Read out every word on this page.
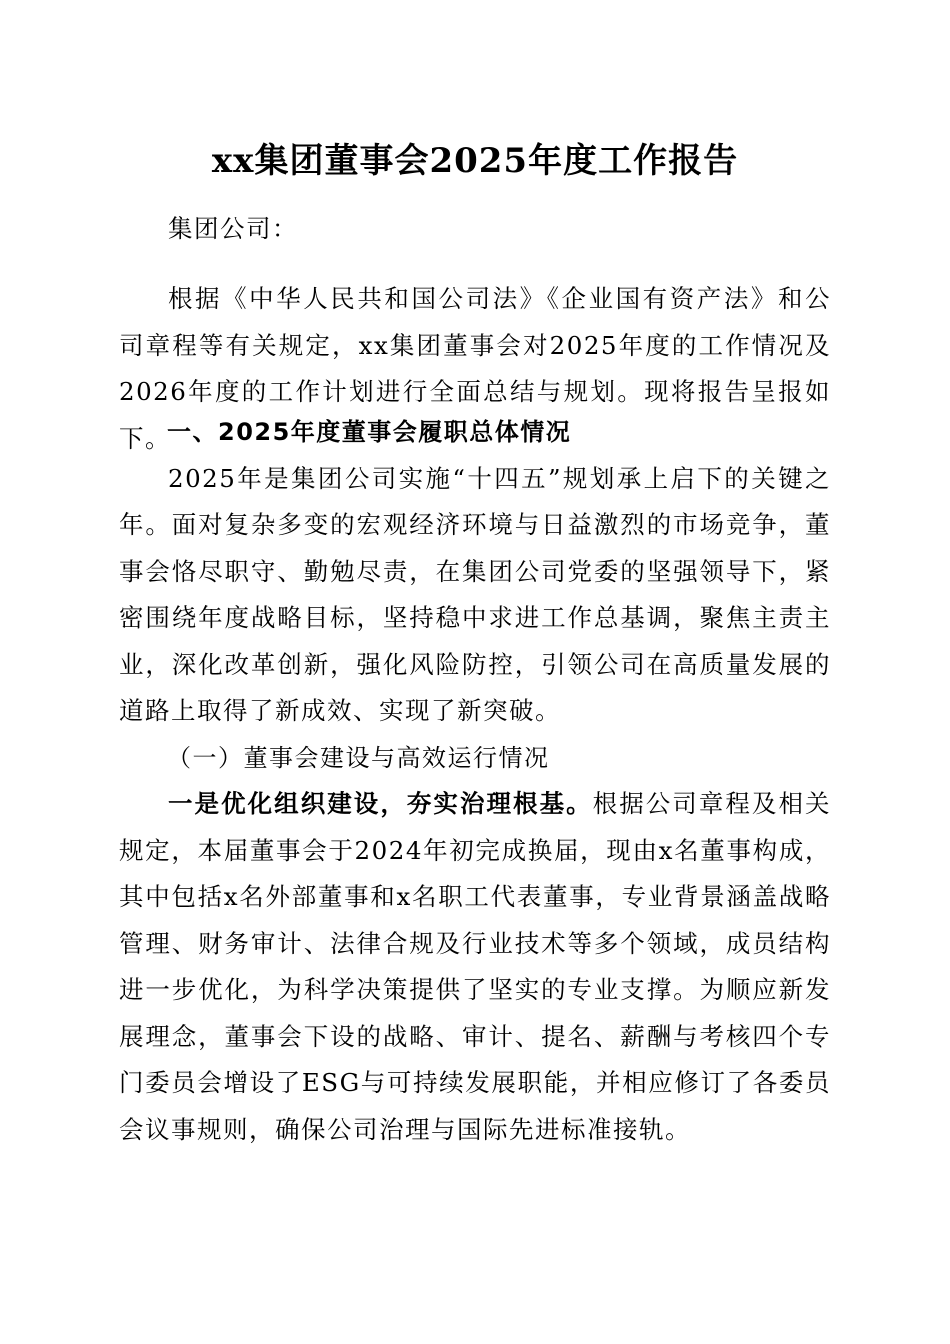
xx集团董事会2025年度工作报告

集团公司：

根据《中华人民共和国公司法》《企业国有资产法》和公司章程等有关规定，xx集团董事会对2025年度的工作情况及2026年度的工作计划进行全面总结与规划。现将报告呈报如下。

一、2025年度董事会履职总体情况

2025年是集团公司实施“十四五”规划承上启下的关键之年。面对复杂多变的宏观经济环境与日益激烈的市场竞争，董事会恪尽职守、勤勉尽责，在集团公司党委的坚强领导下，紧密围绕年度战略目标，坚持稳中求进工作总基调，聚焦主责主业，深化改革创新，强化风险防控，引领公司在高质量发展的道路上取得了新成效、实现了新突破。

（一）董事会建设与高效运行情况

一是优化组织建设，夯实治理根基。根据公司章程及相关规定，本届董事会于2024年初完成换届，现由x名董事构成，其中包括x名外部董事和x名职工代表董事，专业背景涵盖战略管理、财务审计、法律合规及行业技术等多个领域，成员结构进一步优化，为科学决策提供了坚实的专业支撑。为顺应新发展理念，董事会下设的战略、审计、提名、薪酬与考核四个专门委员会增设了ESG与可持续发展职能，并相应修订了各委员会议事规则，确保公司治理与国际先进标准接轨。
